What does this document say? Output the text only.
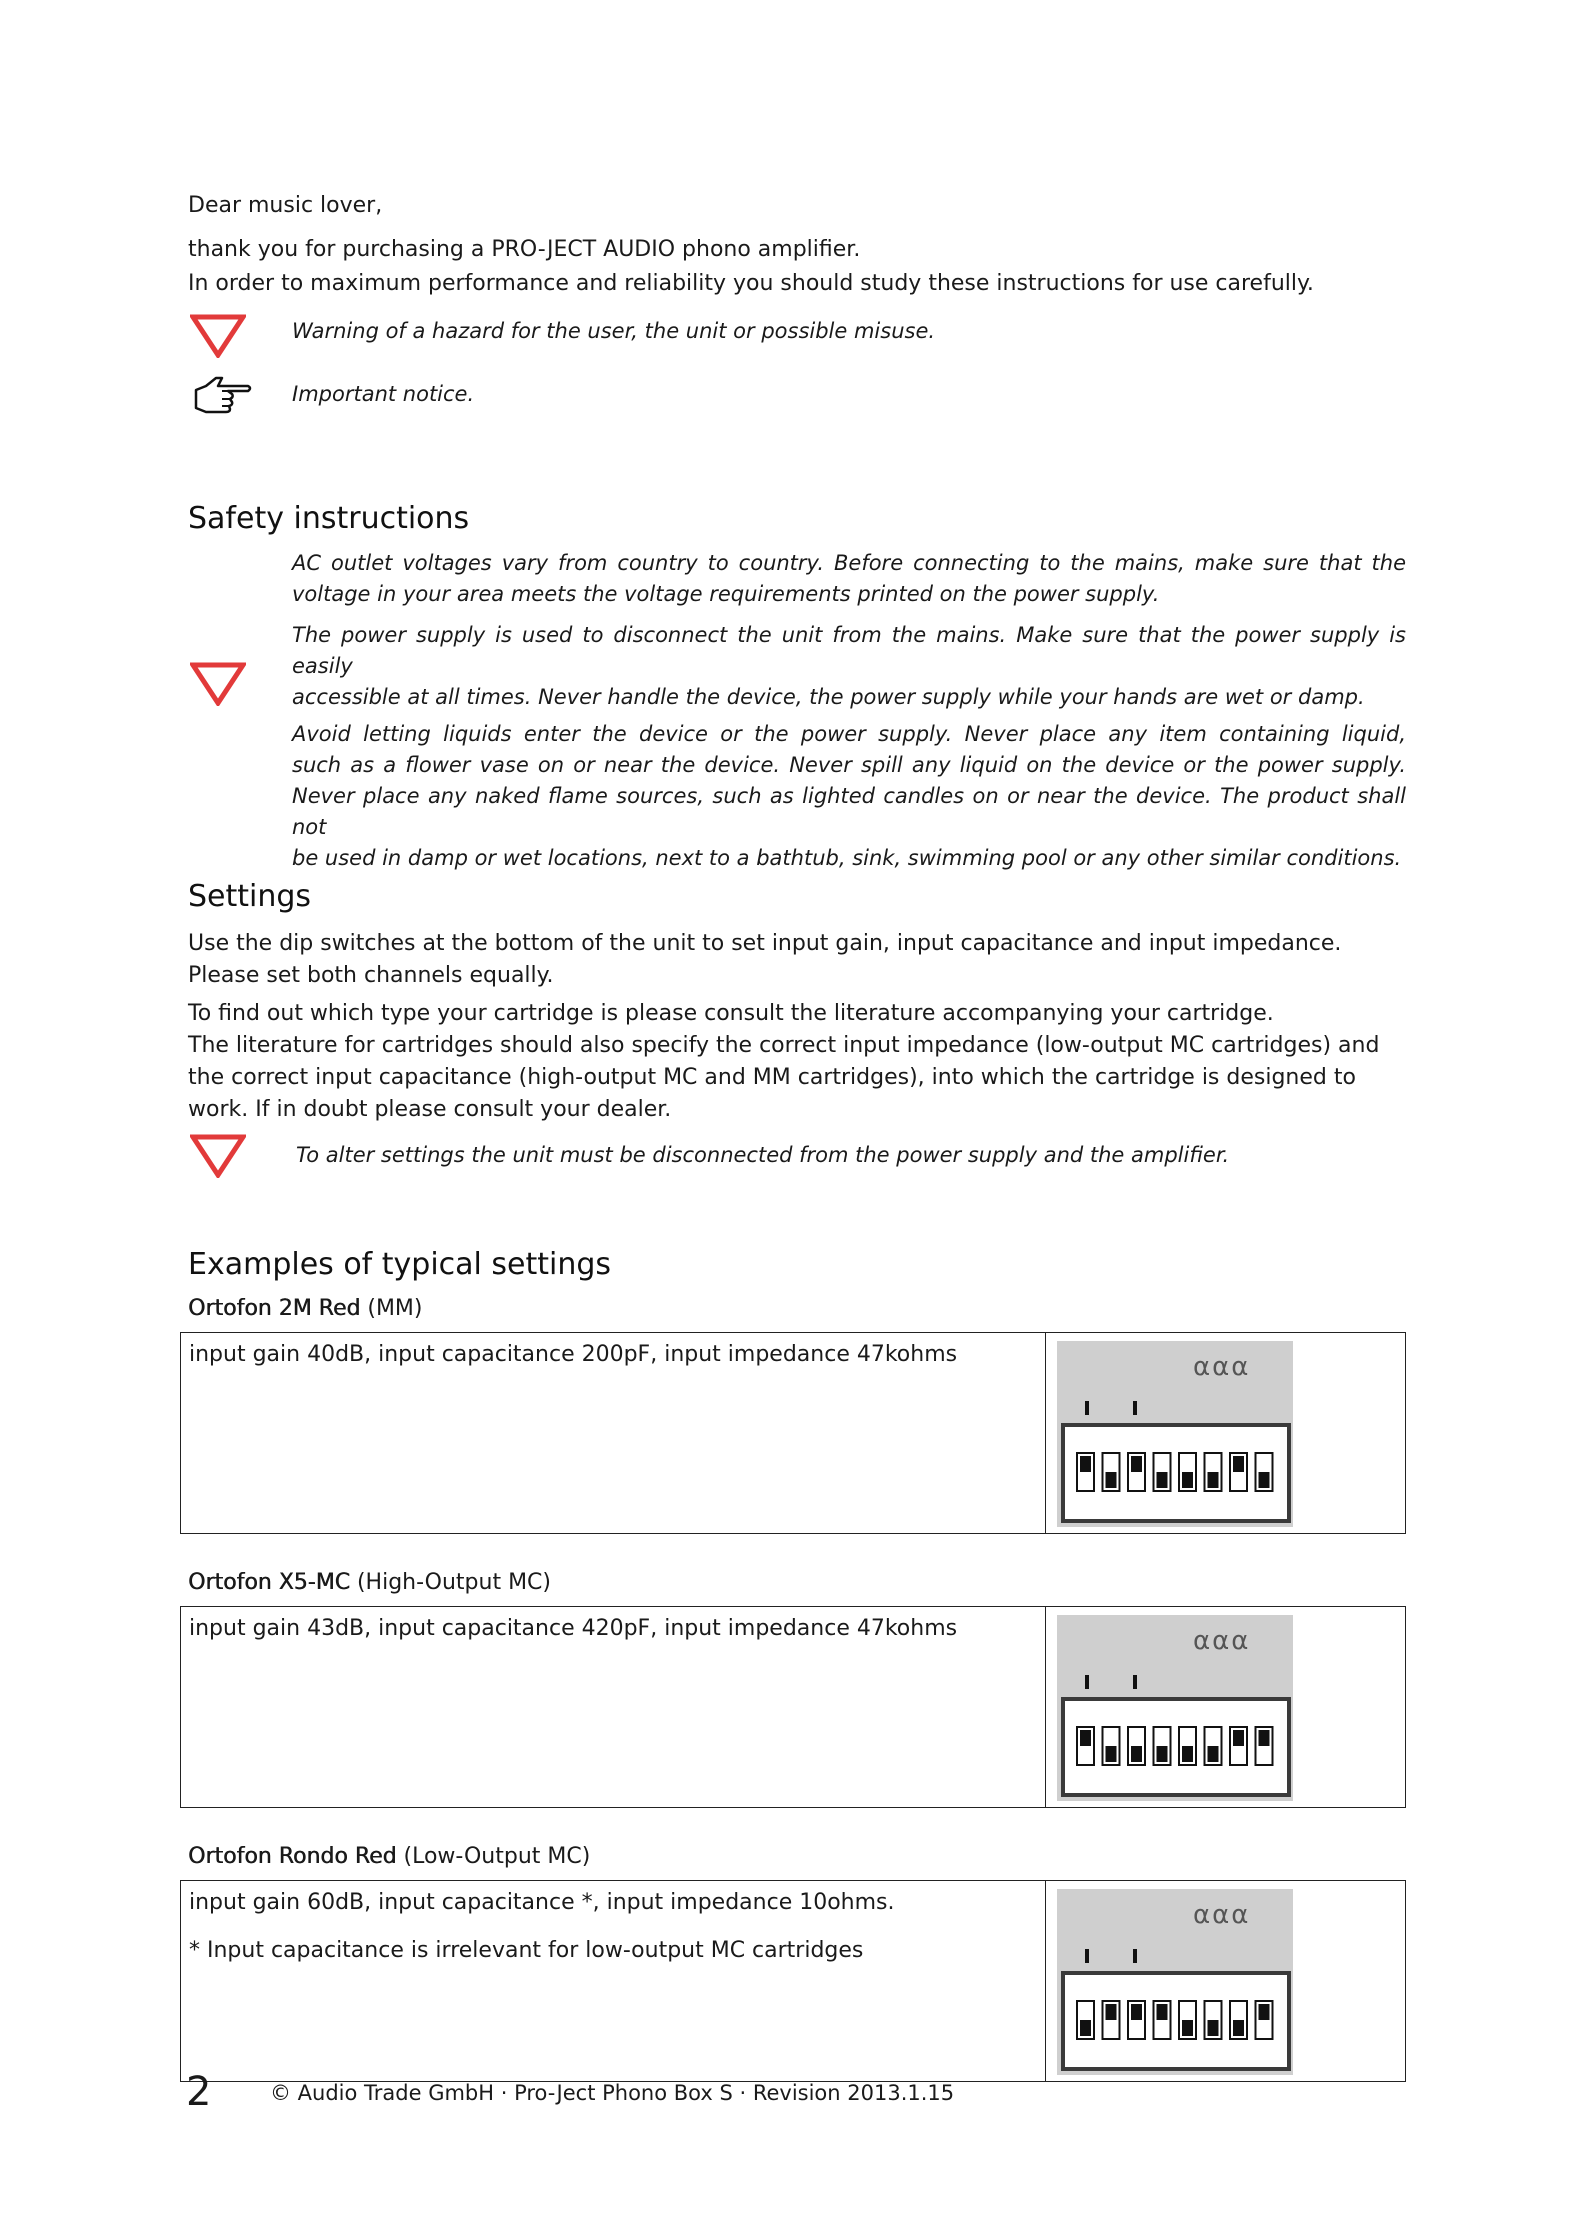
Dear music lover,

thank you for purchasing a PRO-JECT AUDIO phono amplifier.

In order to maximum performance and reliability you should study these instructions for use carefully.

Warning of a hazard for the user, the unit or possible misuse.

Important notice.

Safety instructions
AC outlet voltages vary from country to country. Before connecting to the mains, make sure that the
voltage in your area meets the voltage requirements printed on the power supply.
The power supply is used to disconnect the unit from the mains. Make sure that the power supply is easily
accessible at all times. Never handle the device, the power supply while your hands are wet or damp.
Avoid letting liquids enter the device or the power supply. Never place any item containing liquid,
such as a flower vase on or near the device. Never spill any liquid on the device or the power supply.
Never place any naked flame sources, such as lighted candles on or near the device. The product shall not
be used in damp or wet locations, next to a bathtub, sink, swimming pool or any other similar conditions.
Settings
Use the dip switches at the bottom of the unit to set input gain, input capacitance and input impedance.
Please set both channels equally.
To find out which type your cartridge is please consult the literature accompanying your cartridge.
The literature for cartridges should also specify the correct input impedance (low-output MC cartridges) and
the correct input capacitance (high-output MC and MM cartridges), into which the cartridge is designed to
work. If in doubt please consult your dealer.

To alter settings the unit must be disconnected from the power supply and the amplifier.

Examples of typical settings
Ortofon 2M Red (MM)
input gain 40dB, input capacitance 200pF, input impedance 47kohms	ααα
Ortofon X5-MC (High-Output MC)
input gain 43dB, input capacitance 420pF, input impedance 47kohms	ααα
Ortofon Rondo Red (Low-Output MC)
input gain 60dB, input capacitance *, input impedance 10ohms.
* Input capacitance is irrelevant for low-output MC cartridges
ααα
2	© Audio Trade GmbH · Pro-Ject Phono Box S · Revision 2013.1.15
